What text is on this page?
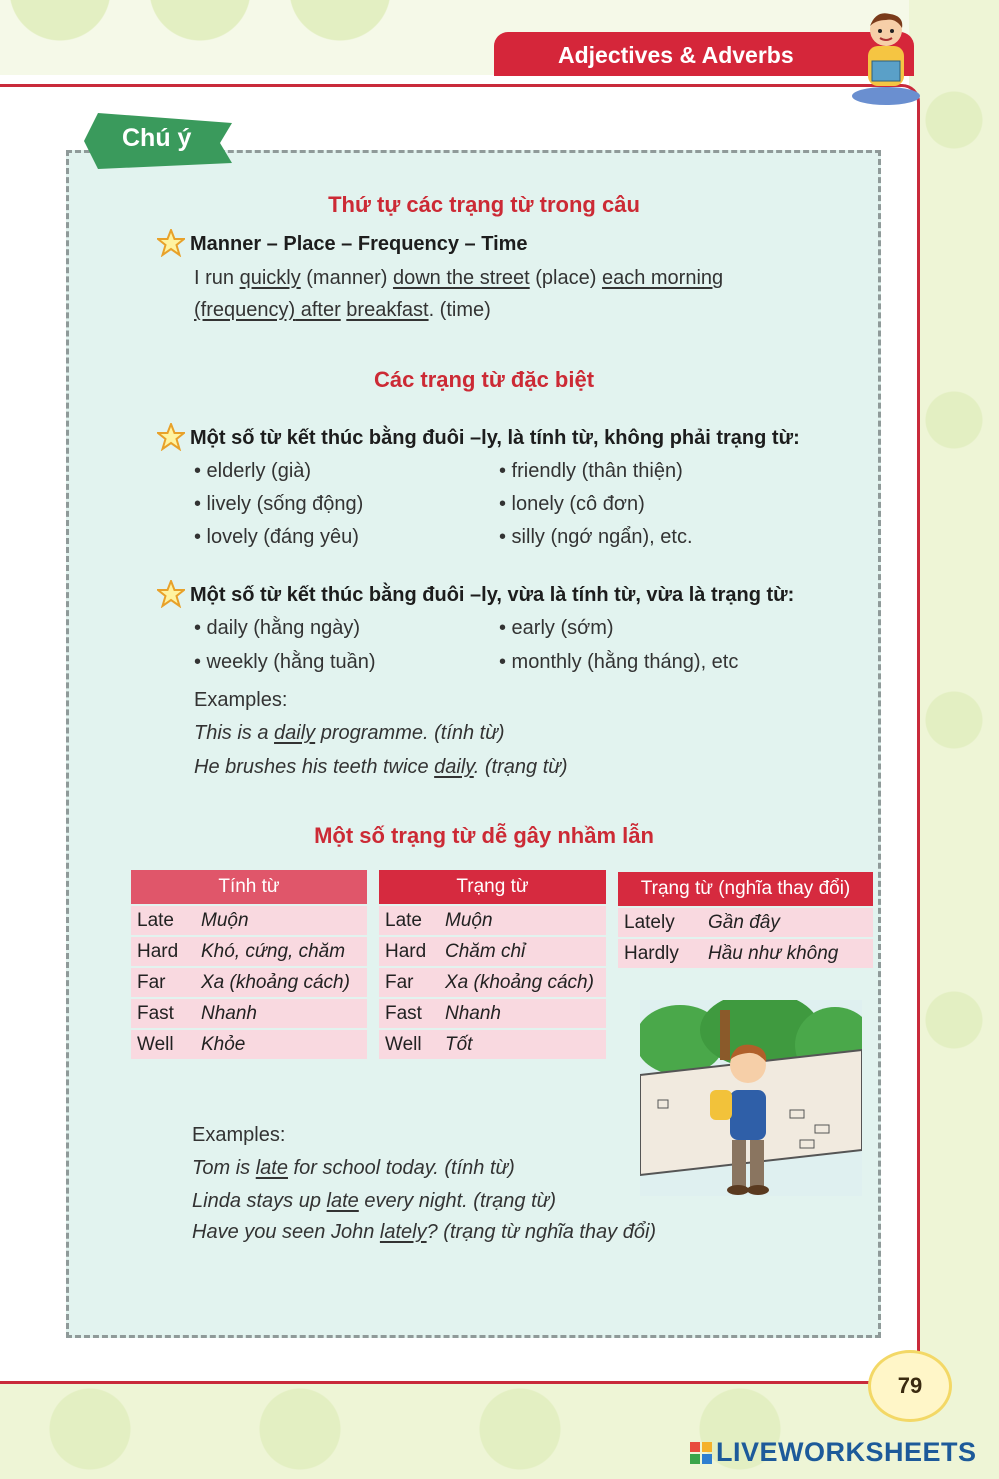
Adjectives & Adverbs
Chú ý
Thứ tự các trạng từ trong câu
Manner – Place – Frequency – Time
I run quickly (manner) down the street (place) each morning
(frequency) after breakfast. (time)
Các trạng từ đặc biệt
Một số từ kết thúc bằng đuôi –ly, là tính từ, không phải trạng từ:
• elderly (già)
• lively (sống động)
• lovely (đáng yêu)
• friendly (thân thiện)
• lonely (cô đơn)
• silly (ngớ ngẩn), etc.
Một số từ kết thúc bằng đuôi –ly, vừa là tính từ, vừa là trạng từ:
• daily (hằng ngày)
• weekly (hằng tuần)
• early (sớm)
• monthly (hằng tháng), etc
Examples:
This is a daily programme. (tính từ)
He brushes his teeth twice daily. (trạng từ)
Một số trạng từ dễ gây nhầm lẫn
Tính từ	
Late	Muộn
Hard	Khó, cứng, chăm
Far	Xa (khoảng cách)
Fast	Nhanh
Well	Khỏe
Trạng từ	
Late	Muộn
Hard	Chăm chỉ
Far	Xa (khoảng cách)
Fast	Nhanh
Well	Tốt
Trạng từ (nghĩa thay đổi)	
Lately	Gần đây
Hardly	Hầu như không
Examples:
Tom is late for school today. (tính từ)
Linda stays up late every night. (trạng từ)
Have you seen John lately? (trạng từ nghĩa thay đổi)
79
LIVEWORKSHEETS
